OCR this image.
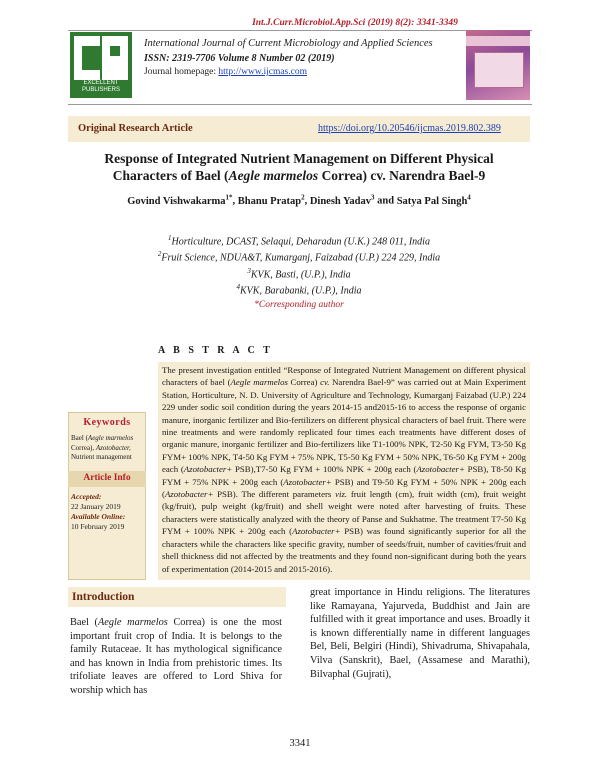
Int.J.Curr.Microbiol.App.Sci (2019) 8(2): 3341-3349
EXCELLENT
PUBLISHERS
International Journal of Current Microbiology and Applied Sciences
ISSN: 2319-7706 Volume 8 Number 02 (2019)
Journal homepage: http://www.ijcmas.com
Original Research Article	https://doi.org/10.20546/ijcmas.2019.802.389
Response of Integrated Nutrient Management on Different Physical
Characters of Bael (Aegle marmelos Correa) cv. Narendra Bael-9
Govind Vishwakarma$^{1*}$, Bhanu Pratap$^2$, Dinesh Yadav$^3$ and Satya Pal Singh$^4$
$^1$Horticulture, DCAST, Selaqui, Deharadun (U.K.) 248 011, India
$^2$Fruit Science, NDUA&T, Kumarganj, Faizabad (U.P.) 224 229, India
$^3$KVK, Basti, (U.P.), India
$^4$KVK, Barabanki, (U.P.), India
*Corresponding author
A B S T R A C T
The present investigation entitled “Response of Integrated Nutrient Management on different physical characters of bael (Aegle marmelos Correa) cv. Narendra Bael-9” was carried out at Main Experiment Station, Horticulture, N. D. University of Agriculture and Technology, Kumarganj Faizabad (U.P.) 224 229 under sodic soil condition during the years 2014-15 and2015-16 to access the response of organic manure, inorganic fertilizer and Bio-fertilizers on different physical characters of bael fruit. There were nine treatments and were randomly replicated four times each treatments have different doses of organic manure, inorganic fertilizer and Bio-fertilizers like T1-100% NPK, T2-50 Kg FYM, T3-50 Kg FYM+ 100% NPK, T4-50 Kg FYM + 75% NPK, T5-50 Kg FYM + 50% NPK, T6-50 Kg FYM + 200g each (Azotobacter+ PSB),T7-50 Kg FYM + 100% NPK + 200g each (Azotobacter+ PSB), T8-50 Kg FYM + 75% NPK + 200g each (Azotobacter+ PSB) and T9-50 Kg FYM + 50% NPK + 200g each (Azotobacter+ PSB). The different parameters viz. fruit length (cm), fruit width (cm), fruit weight (kg/fruit), pulp weight (kg/fruit) and shell weight were noted after harvesting of fruits. These characters were statistically analyzed with the theory of Panse and Sukhatme. The treatment T7-50 Kg FYM + 100% NPK + 200g each (Azotobacter+ PSB) was found significantly superior for all the characters while the characters like specific gravity, number of seeds/fruit, number of cavities/fruit and shell thickness did not affected by the treatments and they found non-significant during both the years of experimentation (2014-2015 and 2015-2016).
Keywords
Bael (Aegle marmelos Correa), Azotobacter, Nutrient management
Article Info
Accepted:
22 January 2019
Available Online:
10 February 2019
Introduction
Bael (Aegle marmelos Correa) is one the most important fruit crop of India. It is belongs to the family Rutaceae. It has mythological significance and has known in India from prehistoric times. Its trifoliate leaves are offered to Lord Shiva for worship which has
great importance in Hindu religions. The literatures like Ramayana, Yajurveda, Buddhist and Jain are fulfilled with it great importance and uses. Broadly it is known differentially name in different languages Bel, Beli, Belgiri (Hindi), Shivadruma, Shivapahala, Vilva (Sanskrit), Bael, (Assamese and Marathi), Bilvaphal (Gujrati),
3341
